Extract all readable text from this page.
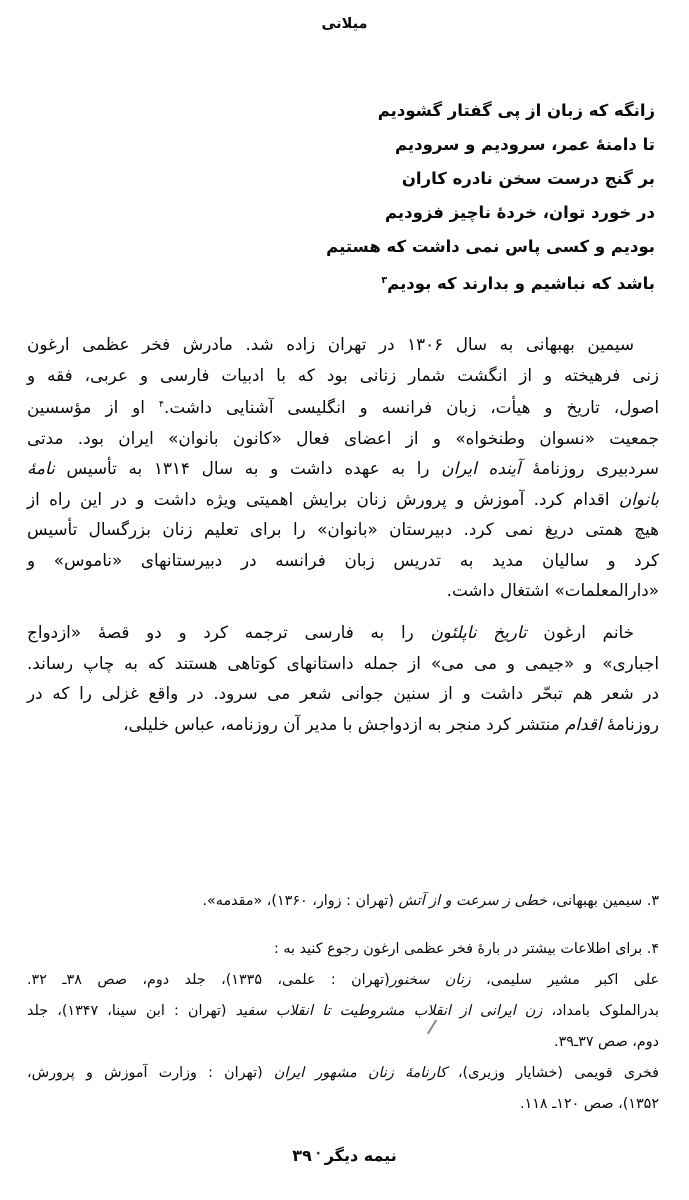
میلانی
زانگه که زبان از پی گفتار گشودیم
تا دامنهٔ عمر، سرودیم و سرودیم
بر گنج درست سخن نادره کاران
در خورد توان، خردهٔ ناچیز فزودیم
بودیم و کسی پاس نمی داشت که هستیم
باشد که نباشیم و بدارند که بودیم$^۳$
سیمین بهبهانی به سال ۱۳۰۶ در تهران زاده شد. مادرش فخر عظمی ارغون
زنی فرهیخته و از انگشت شمار زنانی بود که با ادبیات فارسی و عربی، فقه و
اصول، تاریخ و هیأت، زبان فرانسه و انگلیسی آشنایی داشت.$^۴$ او از مؤسسین
جمعیت «نسوان وطنخواه» و از اعضای فعال «کانون بانوان» ایران بود. مدتی
سردبیری روزنامهٔ آینده ایران را به عهده داشت و به سال ۱۳۱۴ به تأسیس نامهٔ
بانوان اقدام کرد. آموزش و پرورش زنان برایش اهمیتی ویژه داشت و در این راه از
هیچ همتی دریغ نمی کرد. دبیرستان «بانوان» را برای تعلیم زنان بزرگسال تأسیس
کرد و سالیان مدید به تدریس زبان فرانسه در دبیرستانهای «ناموس» و
«دارالمعلمات» اشتغال داشت.
خانم ارغون تاریخ ناپلئون را به فارسی ترجمه کرد و دو قصهٔ «ازدواج
اجباری» و «جیمی و می می» از جمله داستانهای کوتاهی هستند که به چاپ رساند.
در شعر هم تبحّر داشت و از سنین جوانی شعر می سرود. در واقع غزلی را که در
روزنامهٔ اقدام منتشر کرد منجر به ازدواجش با مدیر آن روزنامه، عباس خلیلی،
۳. سیمین بهبهانی، خطی ز سرعت و از آتش (تهران : زوار، ۱۳۶۰)، «مقدمه».
۴. برای اطلاعات بیشتر در بارهٔ فخر عظمی ارغون رجوع کنید به :
علی اکبر مشیر سلیمی، زنان سخنور(تهران : علمی، ۱۳۳۵)، جلد دوم، صص ۳۸ـ ۳۲.
بدرالملوک بامداد، زن ایرانی از انقلاب مشروطیت تا انقلاب سفید (تهران : ابن سینا، ۱۳۴۷)، جلد
دوم، صص ۳۷ـ۳۹.
فخری قویمی (خشایار وزیری)، کارنامهٔ زنان مشهور ایران (تهران : وزارت آموزش و پرورش،
۱۳۵۲)، صص ۱۲۰ـ ۱۱۸.
نیمه دیگر٭۳۹
